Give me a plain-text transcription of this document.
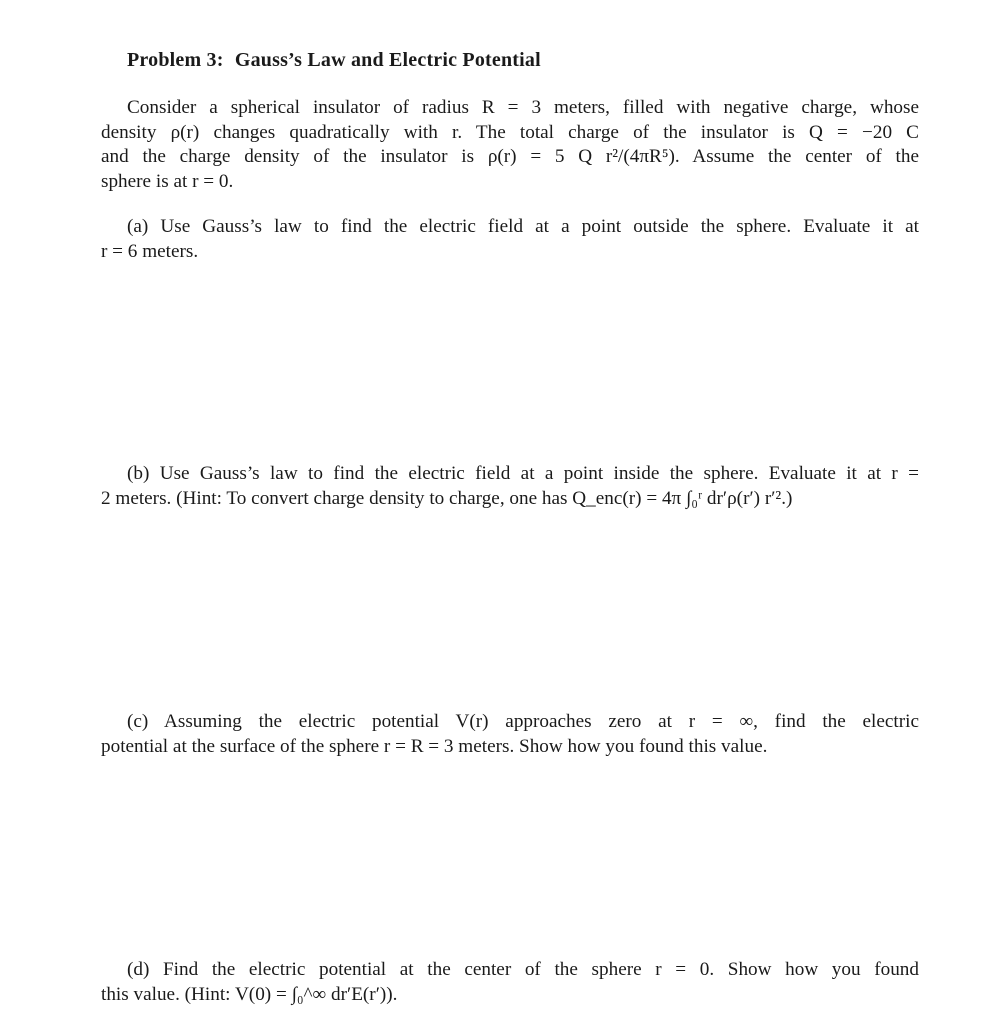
Problem 3: Gauss’s Law and Electric Potential
Consider a spherical insulator of radius R = 3 meters, filled with negative charge, whose
density ρ(r) changes quadratically with r. The total charge of the insulator is Q = −20 C
and the charge density of the insulator is ρ(r) = 5 Q r²/(4πR⁵). Assume the center of the
sphere is at r = 0.
(a) Use Gauss’s law to find the electric field at a point outside the sphere. Evaluate it at
r = 6 meters.
(b) Use Gauss’s law to find the electric field at a point inside the sphere. Evaluate it at r =
2 meters. (Hint: To convert charge density to charge, one has Q_enc(r) = 4π ∫₀ʳ dr′ρ(r′) r′².)
(c) Assuming the electric potential V(r) approaches zero at r = ∞, find the electric
potential at the surface of the sphere r = R = 3 meters. Show how you found this value.
(d) Find the electric potential at the center of the sphere r = 0. Show how you found
this value. (Hint: V(0) = ∫₀^∞ dr′E(r′)).
